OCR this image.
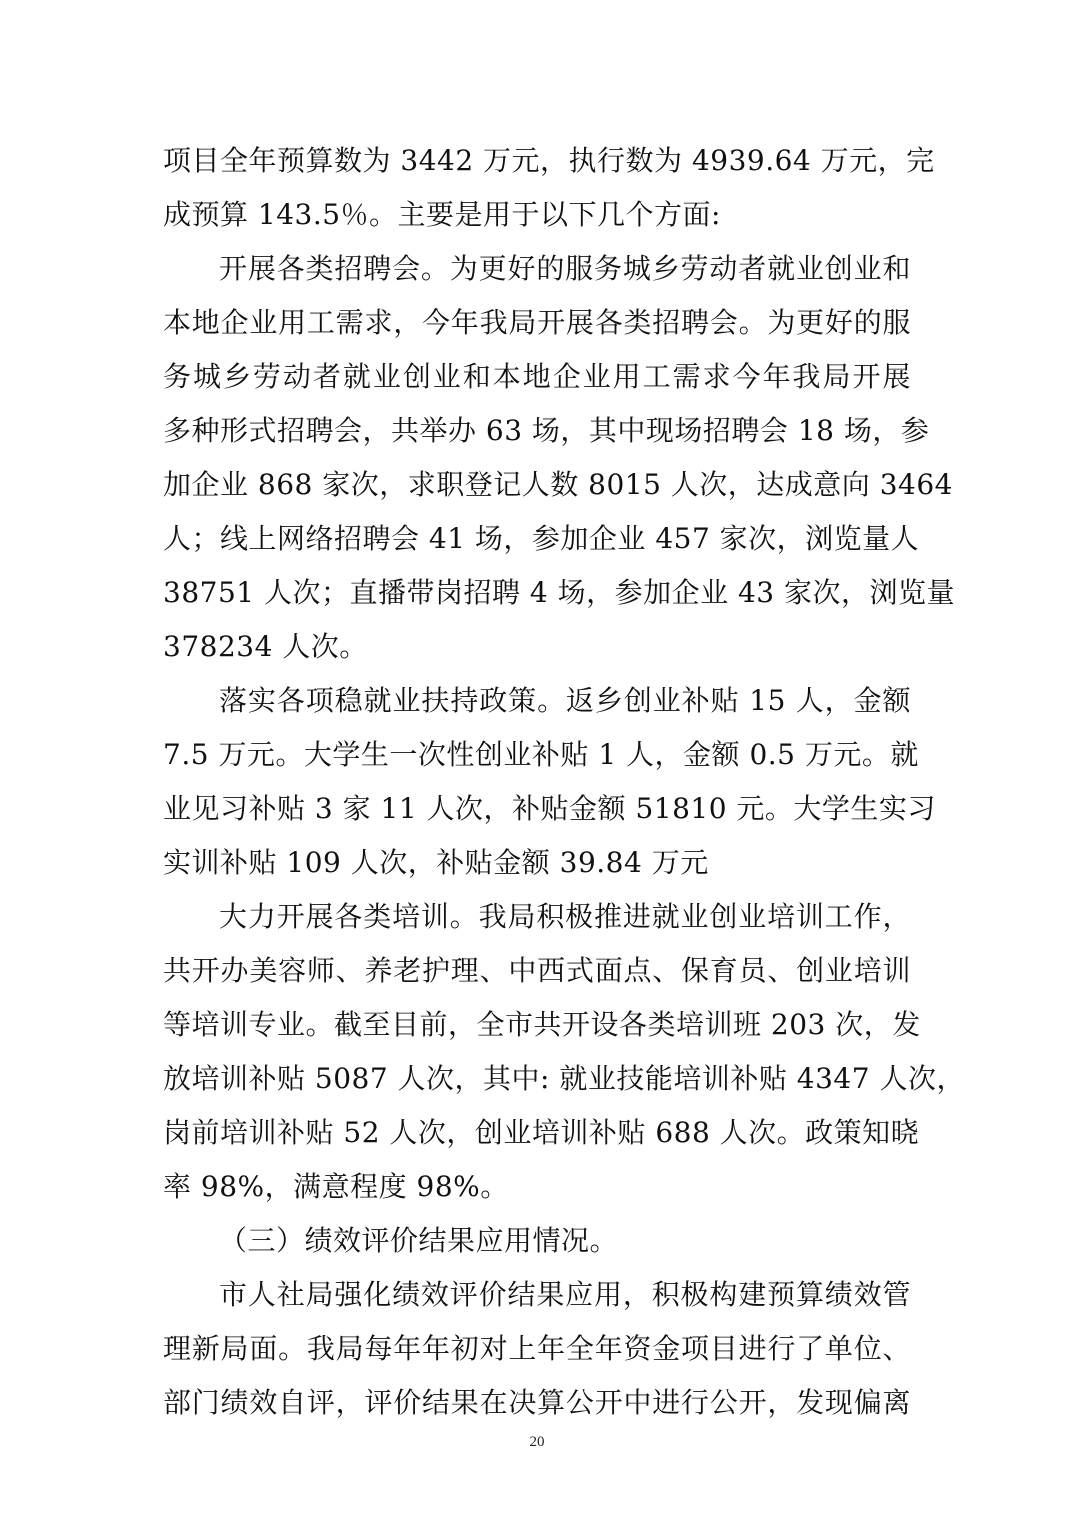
项目全年预算数为 3442 万元，执行数为 4939.64 万元，完
成预算 143.5％。主要是用于以下几个方面:
开展各类招聘会。为更好的服务城乡劳动者就业创业和
本地企业用工需求，今年我局开展各类招聘会。为更好的服
务城乡劳动者就业创业和本地企业用工需求今年我局开展
多种形式招聘会，共举办 63 场，其中现场招聘会 18 场，参
加企业 868 家次，求职登记人数 8015 人次，达成意向 3464
人；线上网络招聘会 41 场，参加企业 457 家次，浏览量人
38751 人次；直播带岗招聘 4 场，参加企业 43 家次，浏览量
378234 人次。
落实各项稳就业扶持政策。返乡创业补贴 15 人，金额
7.5 万元。大学生一次性创业补贴 1 人，金额 0.5 万元。就
业见习补贴 3 家 11 人次，补贴金额 51810 元。大学生实习
实训补贴 109 人次，补贴金额 39.84 万元
大力开展各类培训。我局积极推进就业创业培训工作，
共开办美容师、养老护理、中西式面点、保育员、创业培训
等培训专业。截至目前，全市共开设各类培训班 203 次，发
放培训补贴 5087 人次，其中: 就业技能培训补贴 4347 人次，
岗前培训补贴 52 人次，创业培训补贴 688 人次。政策知晓
率 98%，满意程度 98%。
（三）绩效评价结果应用情况。
市人社局强化绩效评价结果应用，积极构建预算绩效管
理新局面。我局每年年初对上年全年资金项目进行了单位、
部门绩效自评，评价结果在决算公开中进行公开，发现偏离
20
